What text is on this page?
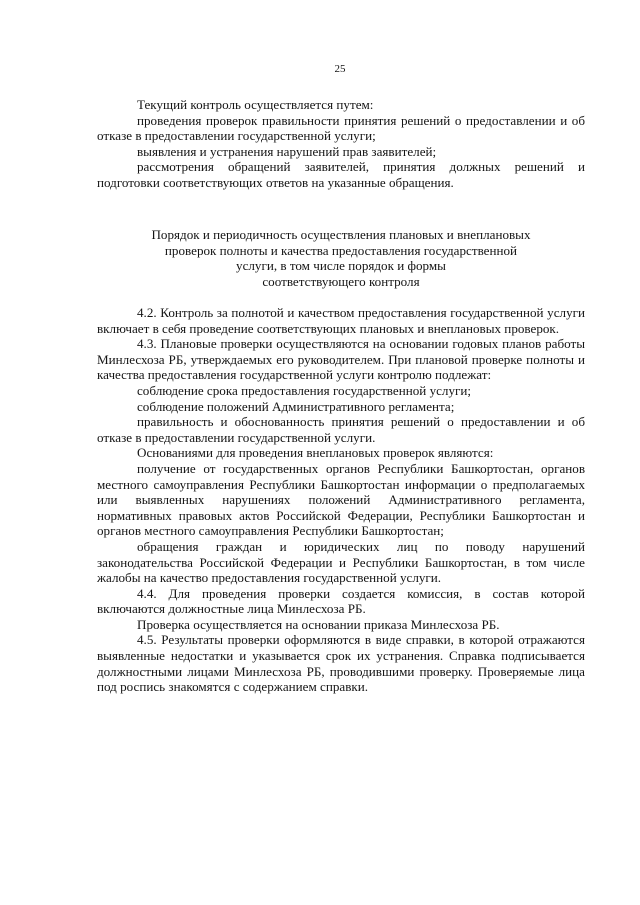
25

Текущий контроль осуществляется путем:

проведения проверок правильности принятия решений о предоставлении и об отказе в предоставлении государственной услуги;

выявления и устранения нарушений прав заявителей;

рассмотрения обращений заявителей, принятия должных решений и подготовки соответствующих ответов на указанные обращения.

Порядок и периодичность осуществления плановых и внеплановых
проверок полноты и качества предоставления государственной
услуги, в том числе порядок и формы
соответствующего контроля

4.2. Контроль за полнотой и качеством предоставления государственной услуги включает в себя проведение соответствующих плановых и внеплановых проверок.

4.3. Плановые проверки осуществляются на основании годовых планов работы Минлесхоза РБ, утверждаемых его руководителем. При плановой проверке полноты и качества предоставления государственной услуги контролю подлежат:

соблюдение срока предоставления государственной услуги;

соблюдение положений Административного регламента;

правильность и обоснованность принятия решений о предоставлении и об отказе в предоставлении государственной услуги.

Основаниями для проведения внеплановых проверок являются:

получение от государственных органов Республики Башкортостан, органов местного самоуправления Республики Башкортостан информации о предполагаемых или выявленных нарушениях положений Административного регламента, нормативных правовых актов Российской Федерации, Республики Башкортостан и органов местного самоуправления Республики Башкортостан;

обращения граждан и юридических лиц по поводу нарушений законодательства Российской Федерации и Республики Башкортостан, в том числе жалобы на качество предоставления государственной услуги.

4.4. Для проведения проверки создается комиссия, в состав которой включаются должностные лица Минлесхоза РБ.

Проверка осуществляется на основании приказа Минлесхоза РБ.

4.5. Результаты проверки оформляются в виде справки, в которой отражаются выявленные недостатки и указывается срок их устранения. Справка подписывается должностными лицами Минлесхоза РБ, проводившими проверку. Проверяемые лица под роспись знакомятся с содержанием справки.
